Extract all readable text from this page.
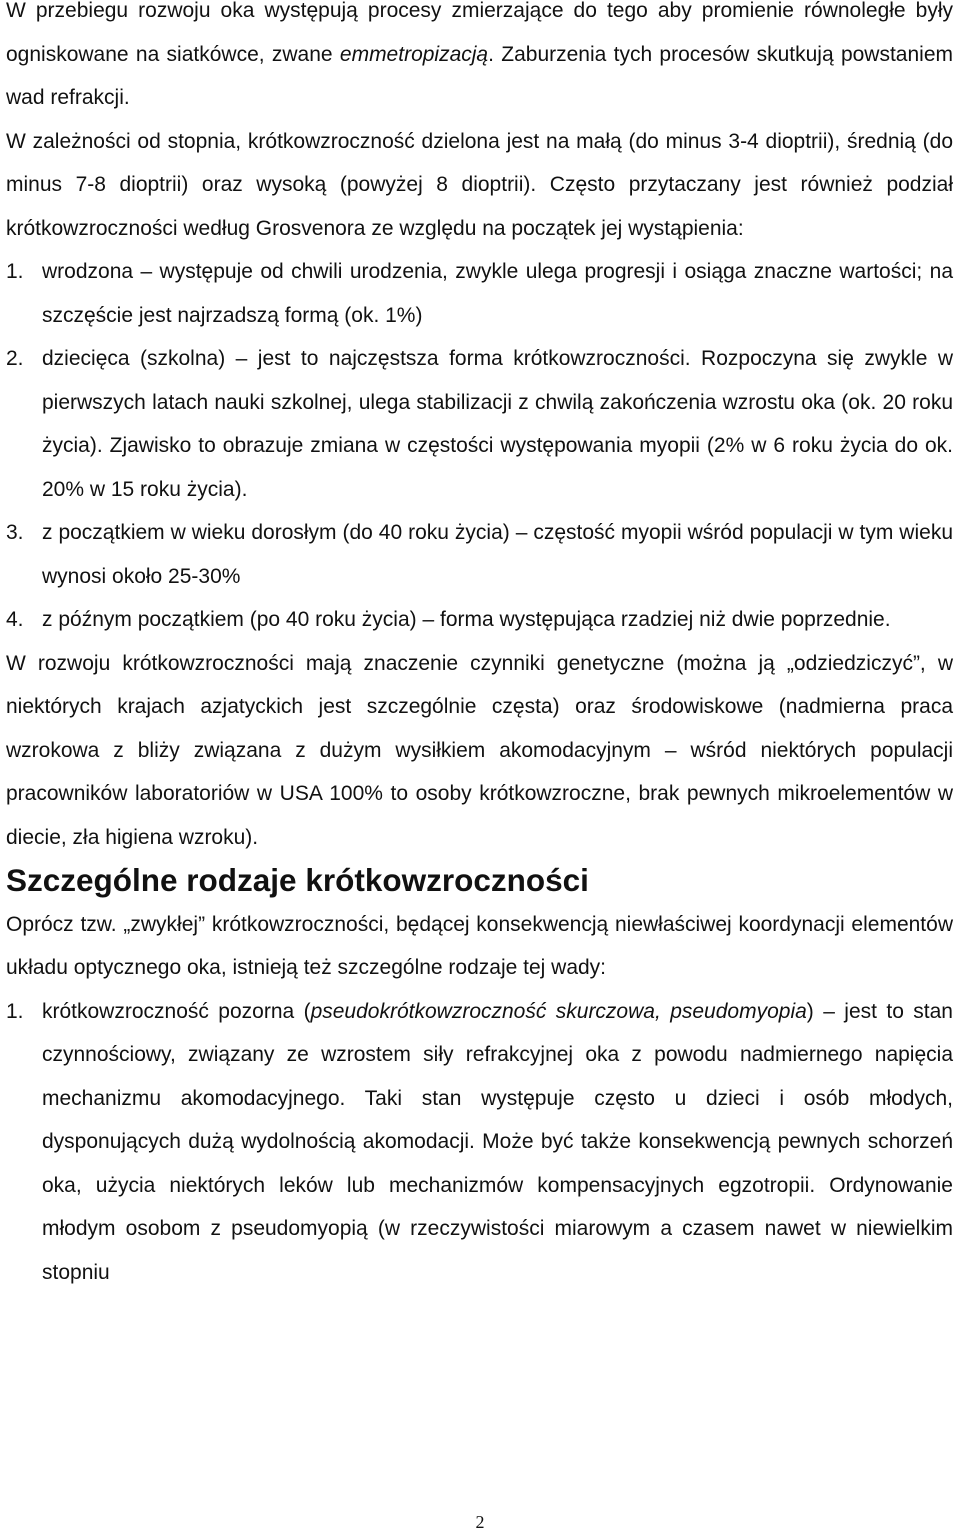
W przebiegu rozwoju oka występują procesy zmierzające do tego aby promienie równoległe były ogniskowane na siatkówce, zwane emmetropizacją. Zaburzenia tych procesów skutkują powstaniem wad refrakcji.

W zależności od stopnia, krótkowzroczność dzielona jest na małą (do minus 3-4 dioptrii), średnią (do minus 7-8 dioptrii) oraz wysoką (powyżej 8 dioptrii). Często przytaczany jest również podział krótkowzroczności według Grosvenora ze względu na początek jej wystąpienia:

1. wrodzona – występuje od chwili urodzenia, zwykle ulega progresji i osiąga znaczne wartości; na szczęście jest najrzadszą formą (ok. 1%)
2. dziecięca (szkolna) – jest to najczęstsza forma krótkowzroczności. Rozpoczyna się zwykle w pierwszych latach nauki szkolnej, ulega stabilizacji z chwilą zakończenia wzrostu oka (ok. 20 roku życia). Zjawisko to obrazuje zmiana w częstości występowania myopii (2% w 6 roku życia do ok. 20% w 15 roku życia).
3. z początkiem w wieku dorosłym (do 40 roku życia) – częstość myopii wśród populacji w tym wieku wynosi około 25-30%
4. z późnym początkiem (po 40 roku życia) – forma występująca rzadziej niż dwie poprzednie.

W rozwoju krótkowzroczności mają znaczenie czynniki genetyczne (można ją „odziedziczyć”, w niektórych krajach azjatyckich jest szczególnie częsta) oraz środowiskowe (nadmierna praca wzrokowa z bliży związana z dużym wysiłkiem akomodacyjnym – wśród niektórych populacji pracowników laboratoriów w USA 100% to osoby krótkowzroczne, brak pewnych mikroelementów w diecie, zła higiena wzroku).

Szczególne rodzaje krótkowzroczności

Oprócz tzw. „zwykłej” krótkowzroczności, będącej konsekwencją niewłaściwej koordynacji elementów układu optycznego oka, istnieją też szczególne rodzaje tej wady:

1. krótkowzroczność pozorna (pseudokrótkowzroczność skurczowa, pseudomyopia) – jest to stan czynnościowy, związany ze wzrostem siły refrakcyjnej oka z powodu nadmiernego napięcia mechanizmu akomodacyjnego. Taki stan występuje często u dzieci i osób młodych, dysponujących dużą wydolnością akomodacji. Może być także konsekwencją pewnych schorzeń oka, użycia niektórych leków lub mechanizmów kompensacyjnych egzotropii. Ordynowanie młodym osobom z pseudomyopią (w rzeczywistości miarowym a czasem nawet w niewielkim stopniu
2
